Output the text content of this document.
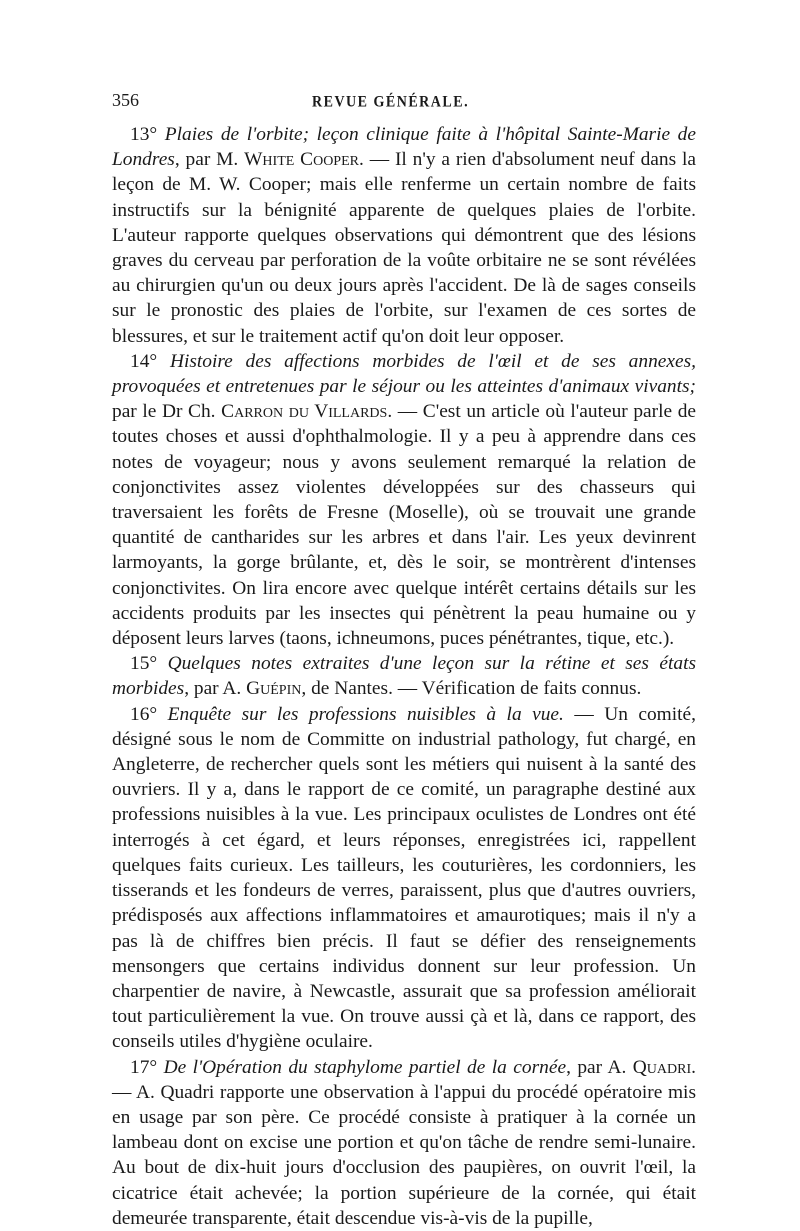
356	REVUE GÉNÉRALE.

13° Plaies de l'orbite; leçon clinique faite à l'hôpital Sainte-Marie de Londres, par M. White Cooper. — Il n'y a rien d'absolument neuf dans la leçon de M. W. Cooper; mais elle renferme un certain nombre de faits instructifs sur la bénignité apparente de quelques plaies de l'orbite. L'auteur rapporte quelques observations qui démontrent que des lésions graves du cerveau par perforation de la voûte orbitaire ne se sont révélées au chirurgien qu'un ou deux jours après l'accident. De là de sages conseils sur le pronostic des plaies de l'orbite, sur l'examen de ces sortes de blessures, et sur le traitement actif qu'on doit leur opposer.

14° Histoire des affections morbides de l'œil et de ses annexes, provoquées et entretenues par le séjour ou les atteintes d'animaux vivants; par le Dr Ch. Carron du Villards. — C'est un article où l'auteur parle de toutes choses et aussi d'ophthalmologie. Il y a peu à apprendre dans ces notes de voyageur; nous y avons seulement remarqué la relation de conjonctivites assez violentes développées sur des chasseurs qui traversaient les forêts de Fresne (Moselle), où se trouvait une grande quantité de cantharides sur les arbres et dans l'air. Les yeux devinrent larmoyants, la gorge brûlante, et, dès le soir, se montrèrent d'intenses conjonctivites. On lira encore avec quelque intérêt certains détails sur les accidents produits par les insectes qui pénètrent la peau humaine ou y déposent leurs larves (taons, ichneumons, puces pénétrantes, tique, etc.).

15° Quelques notes extraites d'une leçon sur la rétine et ses états morbides, par A. Guépin, de Nantes. — Vérification de faits connus.

16° Enquête sur les professions nuisibles à la vue. — Un comité, désigné sous le nom de Committe on industrial pathology, fut chargé, en Angleterre, de rechercher quels sont les métiers qui nuisent à la santé des ouvriers. Il y a, dans le rapport de ce comité, un paragraphe destiné aux professions nuisibles à la vue. Les principaux oculistes de Londres ont été interrogés à cet égard, et leurs réponses, enregistrées ici, rappellent quelques faits curieux. Les tailleurs, les couturières, les cordonniers, les tisserands et les fondeurs de verres, paraissent, plus que d'autres ouvriers, prédisposés aux affections inflammatoires et amaurotiques; mais il n'y a pas là de chiffres bien précis. Il faut se défier des renseignements mensongers que certains individus donnent sur leur profession. Un charpentier de navire, à Newcastle, assurait que sa profession améliorait tout particulièrement la vue. On trouve aussi çà et là, dans ce rapport, des conseils utiles d'hygiène oculaire.

17° De l'Opération du staphylome partiel de la cornée, par A. Quadri. — A. Quadri rapporte une observation à l'appui du procédé opératoire mis en usage par son père. Ce procédé consiste à pratiquer à la cornée un lambeau dont on excise une portion et qu'on tâche de rendre semi-lunaire. Au bout de dix-huit jours d'occlusion des paupières, on ouvrit l'œil, la cicatrice était achevée; la portion supérieure de la cornée, qui était demeurée transparente, était descendue vis-à-vis de la pupille,
